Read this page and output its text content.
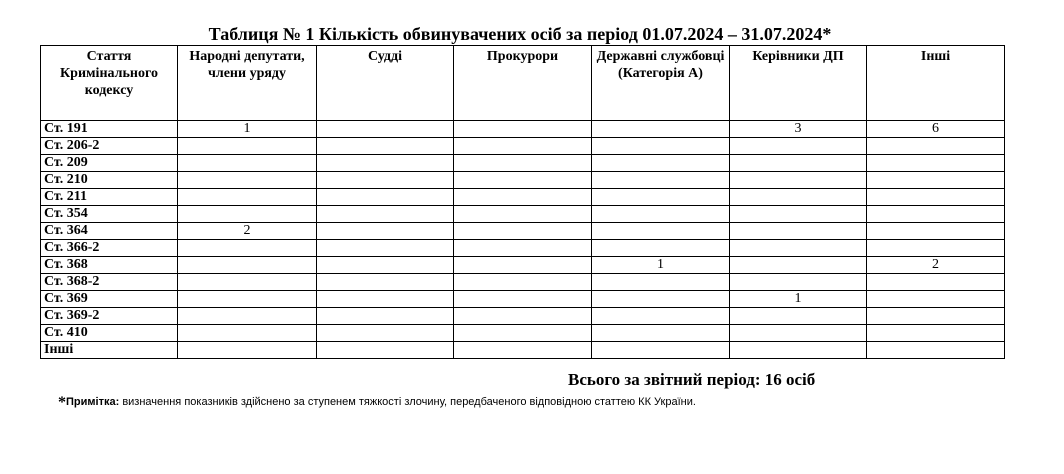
Таблиця № 1 Кількість обвинувачених осіб за період 01.07.2024 – 31.07.2024*
Стаття Кримінального кодексу	Народні депутати, члени уряду	Судді	Прокурори	Державні службовці (Категорія А)	Керівники ДП	Інші
Ст. 191	1				3	6
Ст. 206-2						
Ст. 209						
Ст. 210						
Ст. 211						
Ст. 354						
Ст. 364	2					
Ст. 366-2						
Ст. 368				1		2
Ст. 368-2						
Ст. 369					1	
Ст. 369-2						
Ст. 410						
Інші						
Всього за звітний період: 16 осіб
*Примітка: визначення показників здійснено за ступенем тяжкості злочину, передбаченого відповідною статтею КК України.
